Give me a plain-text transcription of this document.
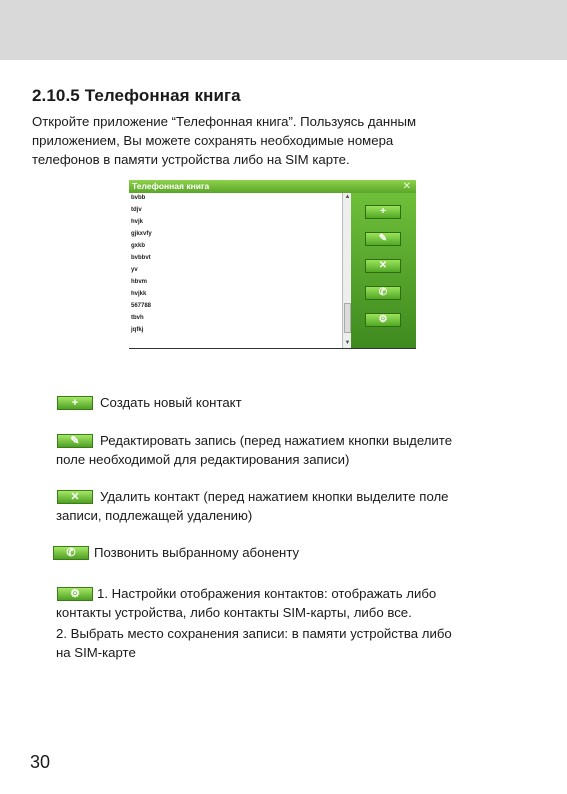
2.10.5 Телефонная книга
Откройте приложение “Телефонная книга”. Пользуясь данным
приложением, Вы можете сохранять необходимые номера
телефонов в памяти устройства либо на SIM карте.
Телефонная книга	✕
bvbb
tdjv
hvjk
gjkxvfy
gxkb
bvbbvt
yv
hbvm
hvjkk
567788
tbvh
jqfkj
▲
▼
+
✎
✕
✆
⚙
+	Создать новый контакт
✎	Редактировать запись (перед нажатием кнопки выделите
поле необходимой для редактирования записи)
✕	Удалить контакт (перед нажатием кнопки выделите поле
записи, подлежащей удалению)
✆	Позвонить выбранному абоненту
⚙	1. Настройки отображения контактов: отображать либо
контакты устройства, либо контакты SIM-карты, либо все.
2. Выбрать место сохранения записи: в памяти устройства либо
на SIM-карте
30
